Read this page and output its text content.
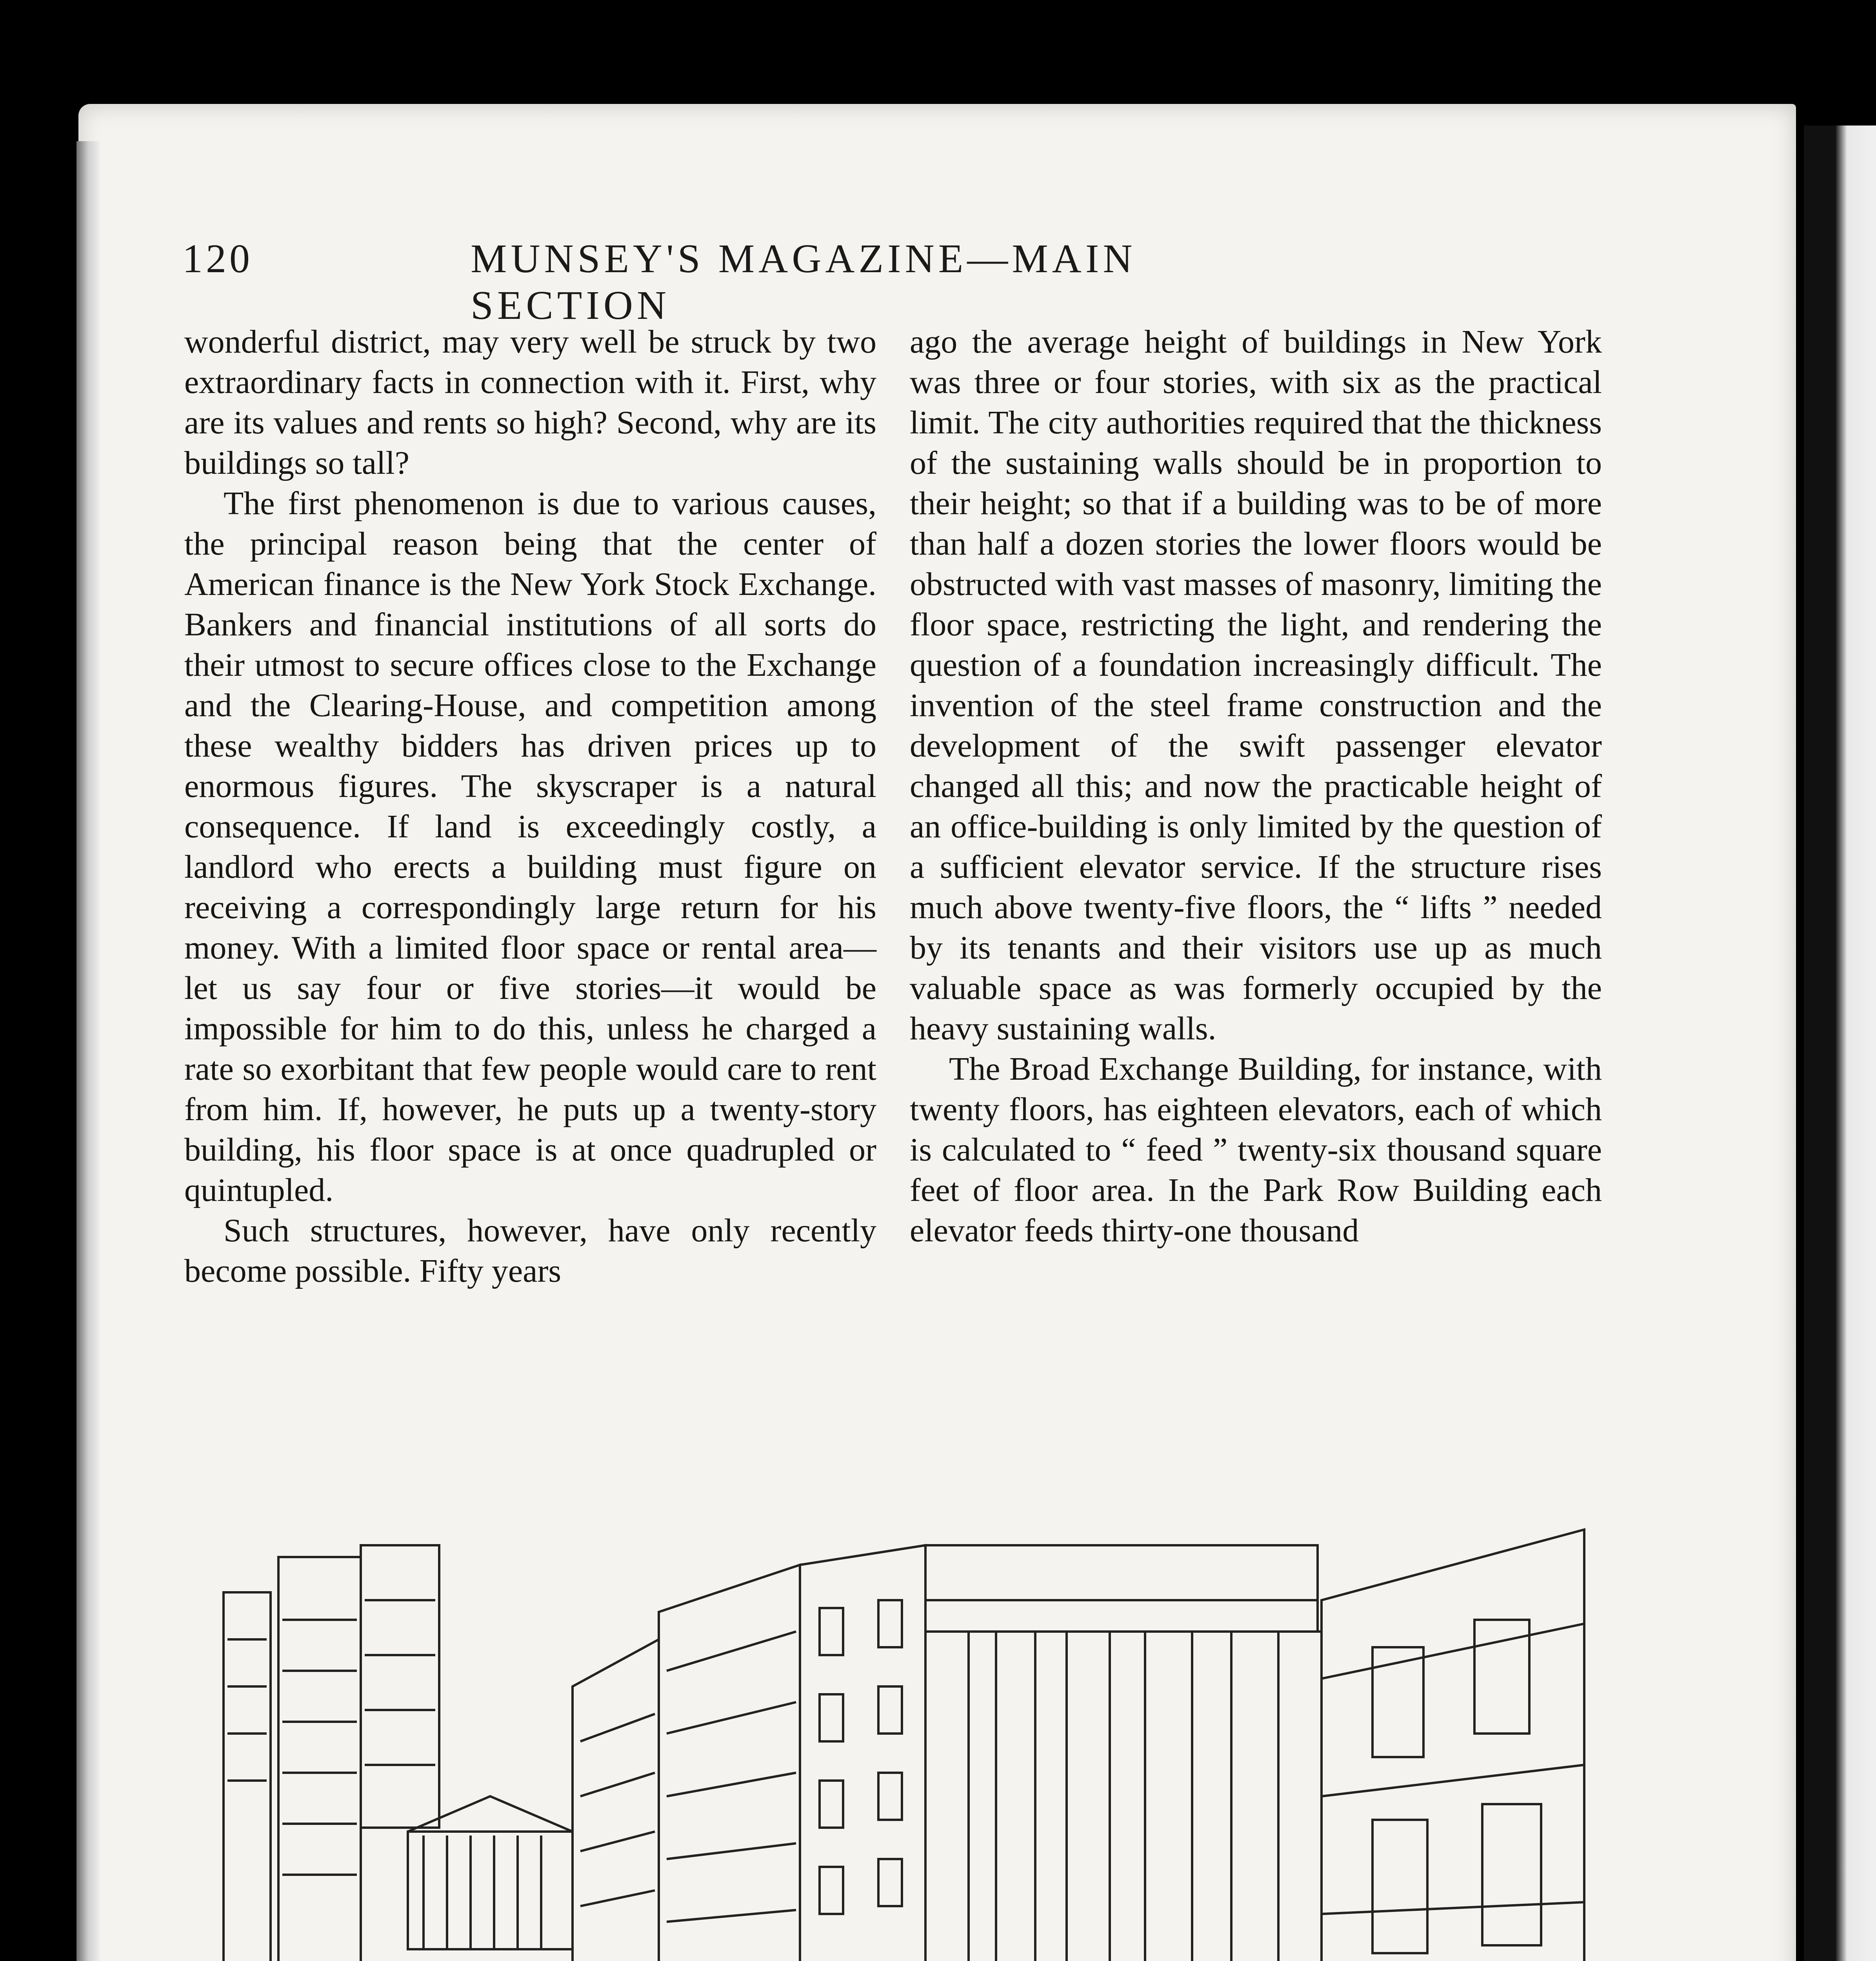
120	MUNSEY'S MAGAZINE—MAIN SECTION

wonderful district, may very well be struck by two extraordinary facts in connection with it. First, why are its values and rents so high? Second, why are its buildings so tall?

The first phenomenon is due to various causes, the principal reason being that the center of American finance is the New York Stock Exchange. Bankers and financial institutions of all sorts do their utmost to secure offices close to the Exchange and the Clearing-House, and competition among these wealthy bidders has driven prices up to enormous figures. The skyscraper is a natural consequence. If land is exceedingly costly, a landlord who erects a building must figure on receiving a correspondingly large return for his money. With a limited floor space or rental area—let us say four or five stories—it would be impossible for him to do this, unless he charged a rate so exorbitant that few people would care to rent from him. If, however, he puts up a twenty-story building, his floor space is at once quadrupled or quintupled.

Such structures, however, have only recently become possible. Fifty years

ago the average height of buildings in New York was three or four stories, with six as the practical limit. The city authorities required that the thickness of the sustaining walls should be in proportion to their height; so that if a building was to be of more than half a dozen stories the lower floors would be obstructed with vast masses of masonry, limiting the floor space, restricting the light, and rendering the question of a foundation increasingly difficult. The invention of the steel frame construction and the development of the swift passenger elevator changed all this; and now the practicable height of an office-building is only limited by the question of a sufficient elevator service. If the structure rises much above twenty-five floors, the “ lifts ” needed by its tenants and their visitors use up as much valuable space as was formerly occupied by the heavy sustaining walls.

The Broad Exchange Building, for instance, with twenty floors, has eighteen elevators, each of which is calculated to “ feed ” twenty-six thousand square feet of floor area. In the Park Row Building each elevator feeds thirty-one thousand
